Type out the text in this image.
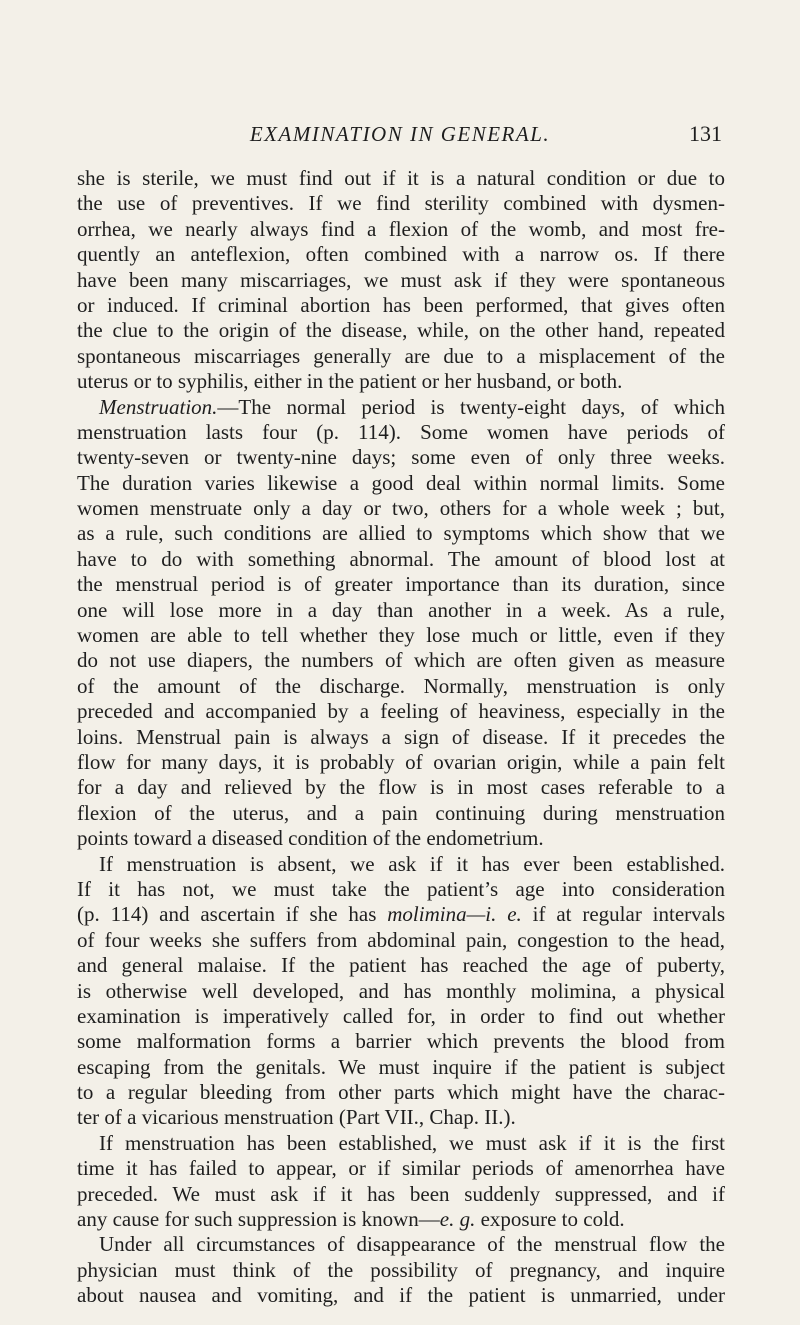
EXAMINATION IN GENERAL.	131
she is sterile, we must find out if it is a natural condition or due to
the use of preventives. If we find sterility combined with dysmen-
orrhea, we nearly always find a flexion of the womb, and most fre-
quently an anteflexion, often combined with a narrow os. If there
have been many miscarriages, we must ask if they were spontaneous
or induced. If criminal abortion has been performed, that gives often
the clue to the origin of the disease, while, on the other hand, repeated
spontaneous miscarriages generally are due to a misplacement of the
uterus or to syphilis, either in the patient or her husband, or both.
Menstruation.—The normal period is twenty-eight days, of which
menstruation lasts four (p. 114). Some women have periods of
twenty-seven or twenty-nine days; some even of only three weeks.
The duration varies likewise a good deal within normal limits. Some
women menstruate only a day or two, others for a whole week ; but,
as a rule, such conditions are allied to symptoms which show that we
have to do with something abnormal. The amount of blood lost at
the menstrual period is of greater importance than its duration, since
one will lose more in a day than another in a week. As a rule,
women are able to tell whether they lose much or little, even if they
do not use diapers, the numbers of which are often given as measure
of the amount of the discharge. Normally, menstruation is only
preceded and accompanied by a feeling of heaviness, especially in the
loins. Menstrual pain is always a sign of disease. If it precedes the
flow for many days, it is probably of ovarian origin, while a pain felt
for a day and relieved by the flow is in most cases referable to a
flexion of the uterus, and a pain continuing during menstruation
points toward a diseased condition of the endometrium.
If menstruation is absent, we ask if it has ever been established.
If it has not, we must take the patient’s age into consideration
(p. 114) and ascertain if she has molimina—i. e. if at regular intervals
of four weeks she suffers from abdominal pain, congestion to the head,
and general malaise. If the patient has reached the age of puberty,
is otherwise well developed, and has monthly molimina, a physical
examination is imperatively called for, in order to find out whether
some malformation forms a barrier which prevents the blood from
escaping from the genitals. We must inquire if the patient is subject
to a regular bleeding from other parts which might have the charac-
ter of a vicarious menstruation (Part VII., Chap. II.).
If menstruation has been established, we must ask if it is the first
time it has failed to appear, or if similar periods of amenorrhea have
preceded. We must ask if it has been suddenly suppressed, and if
any cause for such suppression is known—e. g. exposure to cold.
Under all circumstances of disappearance of the menstrual flow the
physician must think of the possibility of pregnancy, and inquire
about nausea and vomiting, and if the patient is unmarried, under
